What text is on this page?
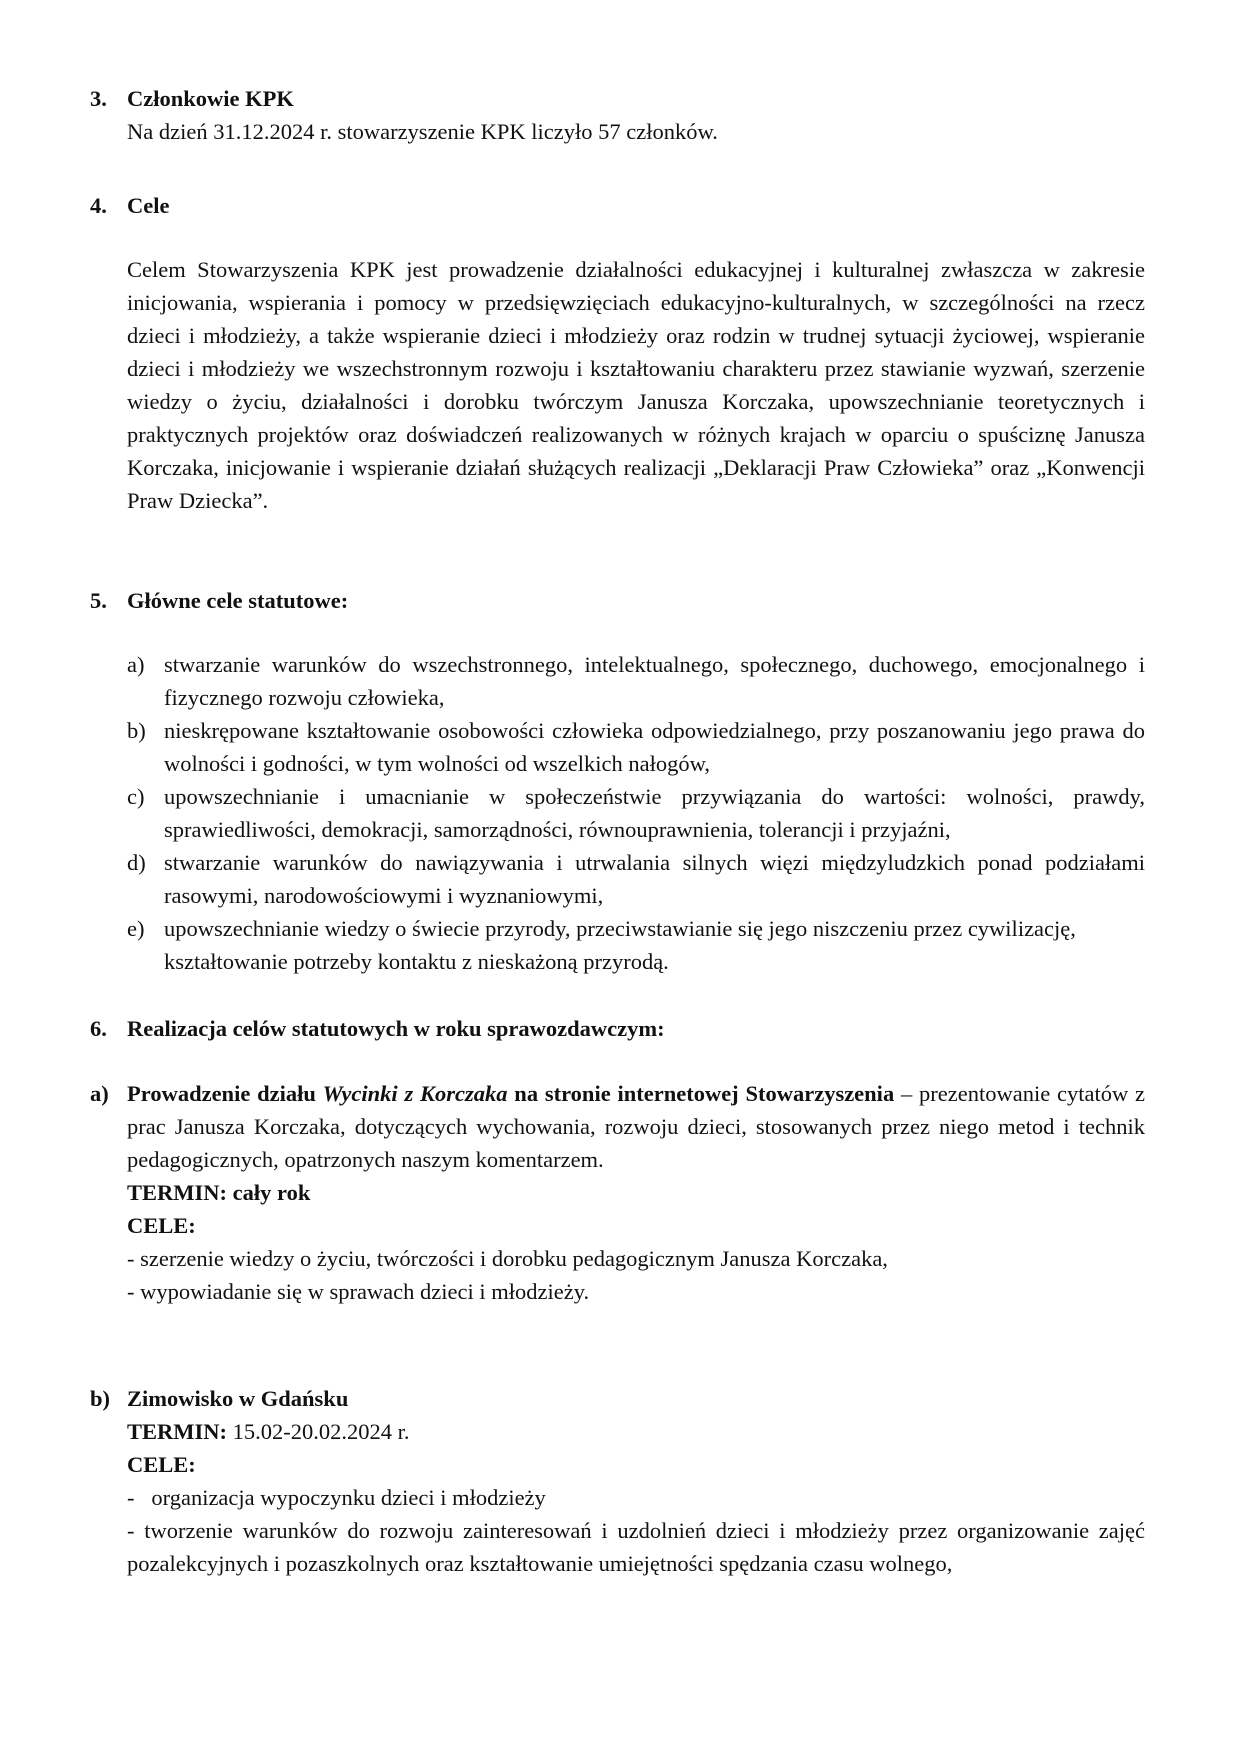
3. Członkowie KPK

Na dzień 31.12.2024 r. stowarzyszenie KPK liczyło 57 członków.

4. Cele

Celem Stowarzyszenia KPK jest prowadzenie działalności edukacyjnej i kulturalnej zwłaszcza w zakresie inicjowania, wspierania i pomocy w przedsięwzięciach edukacyjno-kulturalnych, w szczególności na rzecz dzieci i młodzieży, a także wspieranie dzieci i młodzieży oraz rodzin w trudnej sytuacji życiowej, wspieranie dzieci i młodzieży we wszechstronnym rozwoju i kształtowaniu charakteru przez stawianie wyzwań, szerzenie wiedzy o życiu, działalności i dorobku twórczym Janusza Korczaka, upowszechnianie teoretycznych i praktycznych projektów oraz doświadczeń realizowanych w różnych krajach w oparciu o spuściznę Janusza Korczaka, inicjowanie i wspieranie działań służących realizacji „Deklaracji Praw Człowieka” oraz „Konwencji Praw Dziecka”.

5. Główne cele statutowe:

a) stwarzanie warunków do wszechstronnego, intelektualnego, społecznego, duchowego, emocjonalnego i fizycznego rozwoju człowieka,

b) nieskrępowane kształtowanie osobowości człowieka odpowiedzialnego, przy poszanowaniu jego prawa do wolności i godności, w tym wolności od wszelkich nałogów,

c) upowszechnianie i umacnianie w społeczeństwie przywiązania do wartości: wolności, prawdy, sprawiedliwości, demokracji, samorządności, równouprawnienia, tolerancji i przyjaźni,

d) stwarzanie warunków do nawiązywania i utrwalania silnych więzi międzyludzkich ponad podziałami rasowymi, narodowościowymi i wyznaniowymi,

e) upowszechnianie wiedzy o świecie przyrody, przeciwstawianie się jego niszczeniu przez cywilizację, kształtowanie potrzeby kontaktu z nieskażoną przyrodą.

6. Realizacja celów statutowych w roku sprawozdawczym:

a) Prowadzenie działu Wycinki z Korczaka na stronie internetowej Stowarzyszenia – prezentowanie cytatów z prac Janusza Korczaka, dotyczących wychowania, rozwoju dzieci, stosowanych przez niego metod i technik pedagogicznych, opatrzonych naszym komentarzem.

TERMIN: cały rok

CELE:

- szerzenie wiedzy o życiu, twórczości i dorobku pedagogicznym Janusza Korczaka,

- wypowiadanie się w sprawach dzieci i młodzieży.

b) Zimowisko w Gdańsku

TERMIN: 15.02-20.02.2024 r.

CELE:

-   organizacja wypoczynku dzieci i młodzieży

- tworzenie warunków do rozwoju zainteresowań i uzdolnień dzieci i młodzieży przez organizowanie zajęć pozalekcyjnych i pozaszkolnych oraz kształtowanie umiejętności spędzania czasu wolnego,
